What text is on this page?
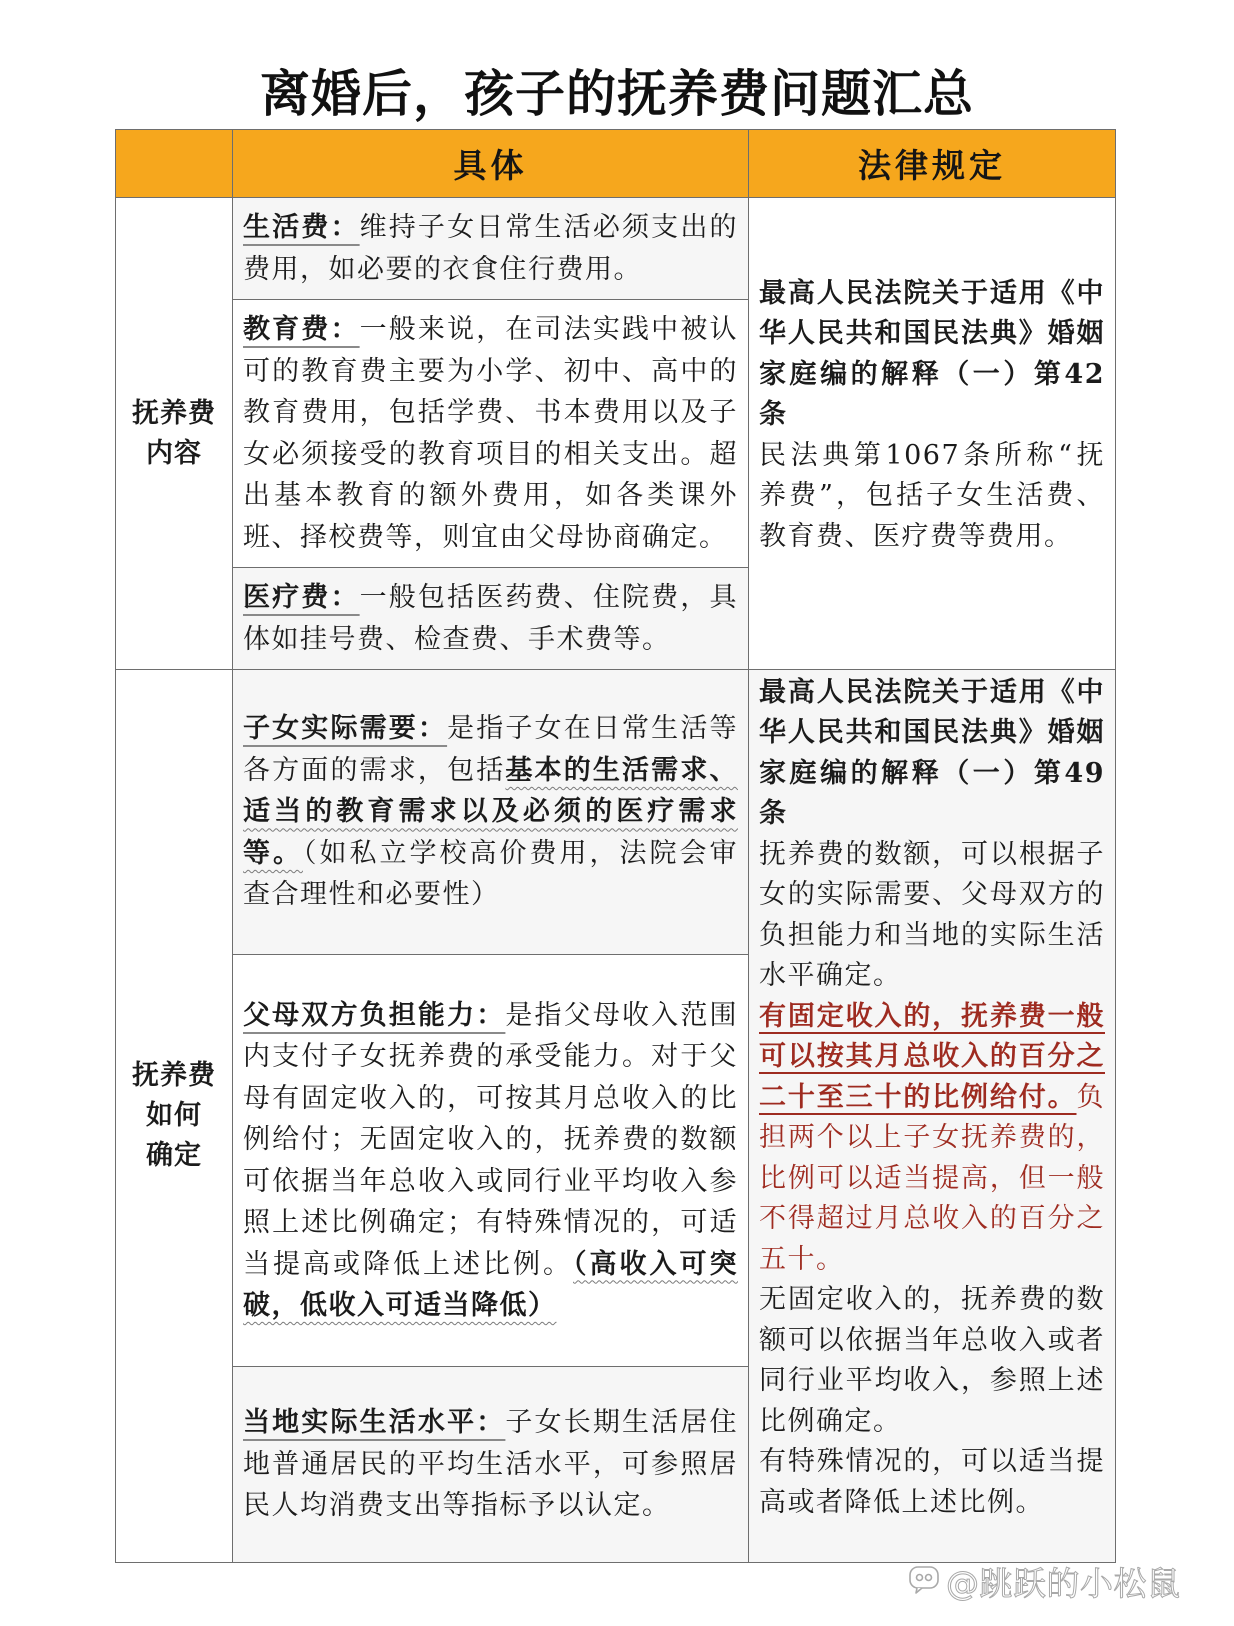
离婚后，孩子的抚养费问题汇总
具体	法律规定
抚养费
内容
生活费：维持子女日常生活必须支出的费用，如必要的衣食住行费用。
教育费：一般来说，在司法实践中被认可的教育费主要为小学、初中、高中的教育费用，包括学费、书本费用以及子女必须接受的教育项目的相关支出。超出基本教育的额外费用，如各类课外班、择校费等，则宜由父母协商确定。
医疗费：一般包括医药费、住院费，具体如挂号费、检查费、手术费等。
最高人民法院关于适用《中华人民共和国民法典》婚姻家庭编的解释（一）第42条
民法典第1067条所称“抚养费”，包括子女生活费、教育费、医疗费等费用。
抚养费
如何
确定
子女实际需要：是指子女在日常生活等各方面的需求，包括基本的生活需求、适当的教育需求以及必须的医疗需求等。（如私立学校高价费用，法院会审查合理性和必要性）
父母双方负担能力：是指父母收入范围内支付子女抚养费的承受能力。对于父母有固定收入的，可按其月总收入的比例给付；无固定收入的，抚养费的数额可依据当年总收入或同行业平均收入参照上述比例确定；有特殊情况的，可适当提高或降低上述比例。（高收入可突破，低收入可适当降低）
当地实际生活水平：子女长期生活居住地普通居民的平均生活水平，可参照居民人均消费支出等指标予以认定。
最高人民法院关于适用《中华人民共和国民法典》婚姻家庭编的解释（一）第49条
抚养费的数额，可以根据子女的实际需要、父母双方的负担能力和当地的实际生活水平确定。
有固定收入的，抚养费一般可以按其月总收入的百分之二十至三十的比例给付。负担两个以上子女抚养费的，比例可以适当提高，但一般不得超过月总收入的百分之五十。
无固定收入的，抚养费的数额可以依据当年总收入或者同行业平均收入，参照上述比例确定。
有特殊情况的，可以适当提高或者降低上述比例。
@跳跃的小松鼠
